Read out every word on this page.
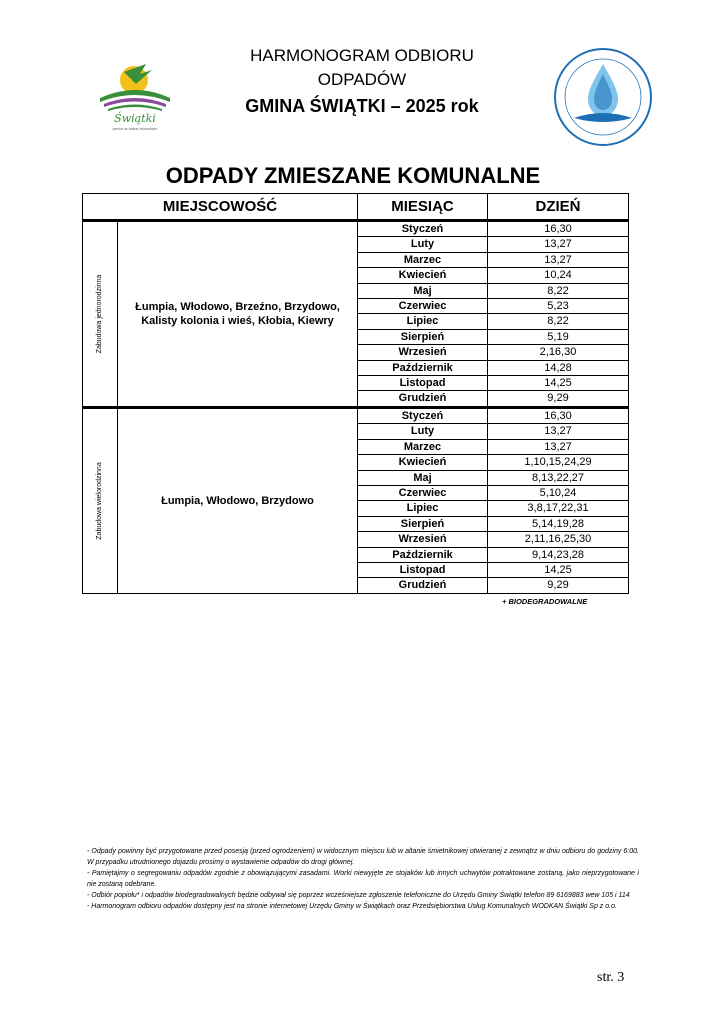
HARMONOGRAM ODBIORU
ODPADÓW
GMINA ŚWIĄTKI – 2025 rok
Świątki
gmina w której mieszkam
ODPADY ZMIESZANE KOMUNALNE
MIEJSCOWOŚĆ		MIESIĄC	DZIEŃ

Zabudowa jednorodzinna	Łumpia, Włodowo, Brzeźno, Brzydowo, Kalisty kolonia i wieś, Kłobia, Kiewry	Styczeń	16,30
		Luty	13,27
		Marzec	13,27
		Kwiecień	10,24
		Maj	8,22
		Czerwiec	5,23
		Lipiec	8,22
		Sierpień	5,19
		Wrzesień	2,16,30
		Październik	14,28
		Listopad	14,25
		Grudzień	9,29

Zabudowa wielorodzinna	Łumpia, Włodowo, Brzydowo	Styczeń	16,30
		Luty	13,27
		Marzec	13,27
		Kwiecień	1,10,15,24,29
		Maj	8,13,22,27
		Czerwiec	5,10,24
		Lipiec	3,8,17,22,31
		Sierpień	5,14,19,28
		Wrzesień	2,11,16,25,30
		Październik	9,14,23,28
		Listopad	14,25
		Grudzień	9,29
+ BIODEGRADOWALNE

- Odpady powinny być przygotowane przed posesją (przed ogrodzeniem) w widocznym miejscu lub w altanie śmietnikowej otwieranej z zewnątrz w dniu odbioru do godziny 6:00. W przypadku utrudnionego dojazdu prosimy o wystawienie odpadów do drogi głównej.

- Pamiętajmy o segregowaniu odpadów zgodnie z obowiązującymi zasadami. Worki niewyjęte ze stojaków lub innych uchwytów potraktowane zostaną, jako nieprzygotowane i nie zostaną odebrane.

- Odbiór popiołu* i odpadów biodegradowalnych będzie odbywał się poprzez wcześniejsze zgłoszenie telefoniczne do Urzędu Gminy Świątki telefon 89 6169883 wew 105 i 114

- Harmonogram odbioru odpadów dostępny jest na stronie internetowej Urzędu Gminy w Świątkach oraz Przedsiębiorstwa Usług Komunalnych WODKAN Świątki Sp z o.o.

str. 3
